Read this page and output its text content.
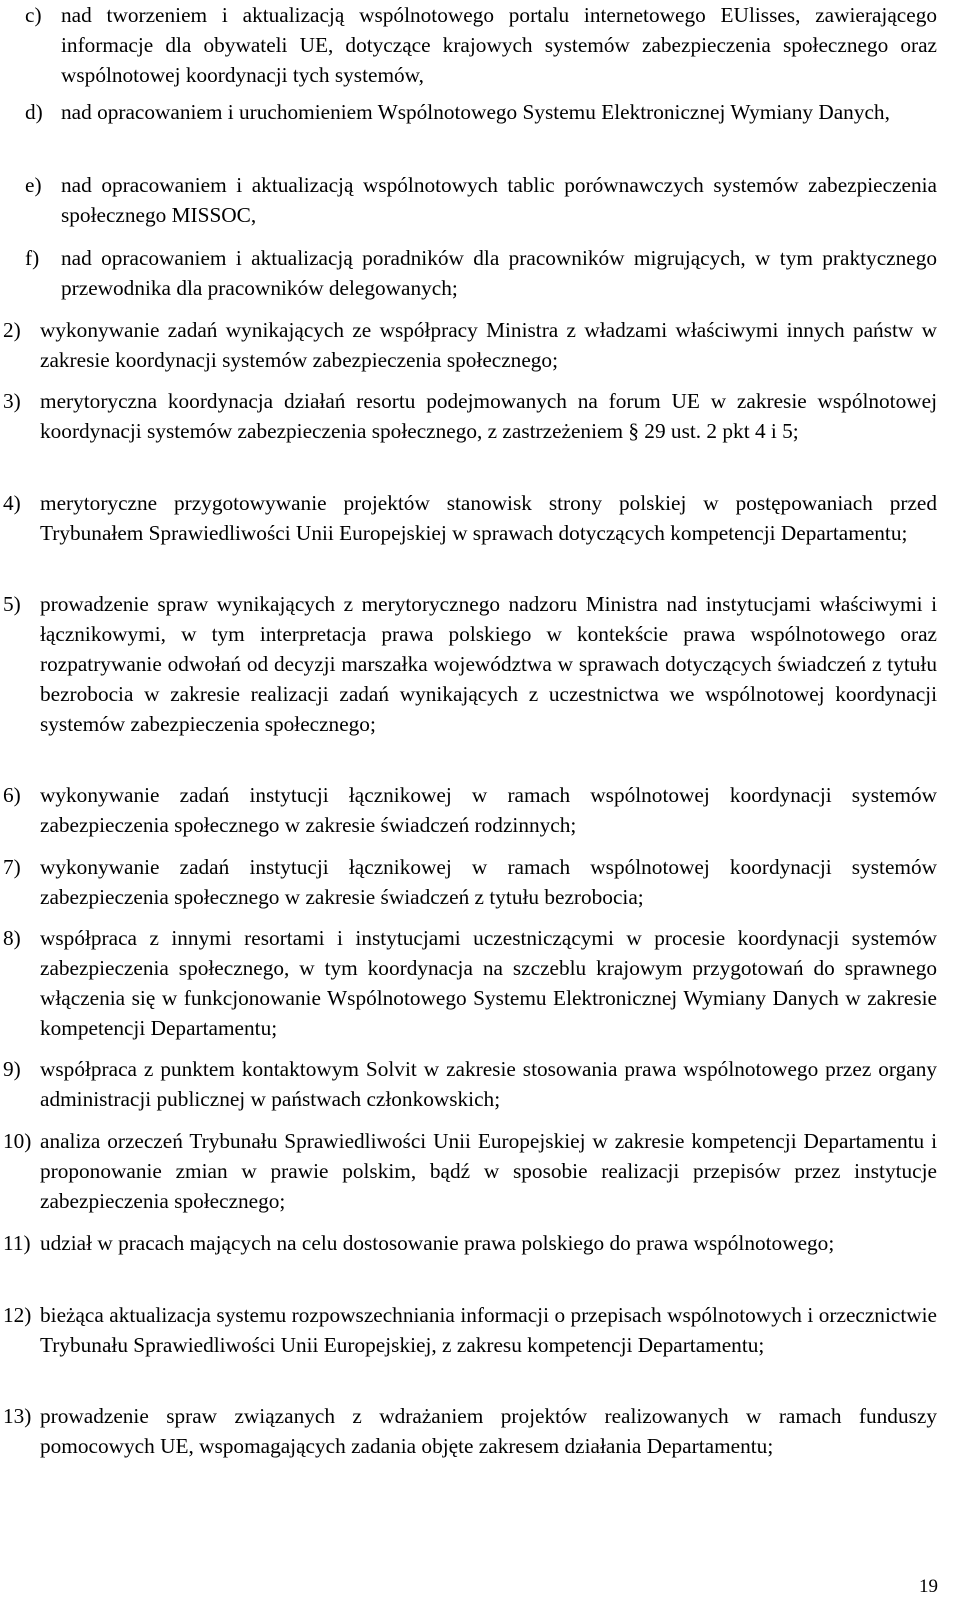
c) nad tworzeniem i aktualizacją wspólnotowego portalu internetowego EUlisses, zawierającego informacje dla obywateli UE, dotyczące krajowych systemów zabezpieczenia społecznego oraz wspólnotowej koordynacji tych systemów,
d) nad opracowaniem i uruchomieniem Wspólnotowego Systemu Elektronicznej Wymiany Danych,
e) nad opracowaniem i aktualizacją wspólnotowych tablic porównawczych systemów zabezpieczenia społecznego MISSOC,
f) nad opracowaniem i aktualizacją poradników dla pracowników migrujących, w tym praktycznego przewodnika dla pracowników delegowanych;
2) wykonywanie zadań wynikających ze współpracy Ministra z władzami właściwymi innych państw w zakresie koordynacji systemów zabezpieczenia społecznego;
3) merytoryczna koordynacja działań resortu podejmowanych na forum UE w zakresie wspólnotowej koordynacji systemów zabezpieczenia społecznego, z zastrzeżeniem § 29 ust. 2 pkt 4 i 5;
4) merytoryczne przygotowywanie projektów stanowisk strony polskiej w postępowaniach przed Trybunałem Sprawiedliwości Unii Europejskiej w sprawach dotyczących kompetencji Departamentu;
5) prowadzenie spraw wynikających z merytorycznego nadzoru Ministra nad instytucjami właściwymi i łącznikowymi, w tym interpretacja prawa polskiego w kontekście prawa wspólnotowego oraz rozpatrywanie odwołań od decyzji marszałka województwa w sprawach dotyczących świadczeń z tytułu bezrobocia w zakresie realizacji zadań wynikających z uczestnictwa we wspólnotowej koordynacji systemów zabezpieczenia społecznego;
6) wykonywanie zadań instytucji łącznikowej w ramach wspólnotowej koordynacji systemów zabezpieczenia społecznego w zakresie świadczeń rodzinnych;
7) wykonywanie zadań instytucji łącznikowej w ramach wspólnotowej koordynacji systemów zabezpieczenia społecznego w zakresie świadczeń z tytułu bezrobocia;
8) współpraca z innymi resortami i instytucjami uczestniczącymi w procesie koordynacji systemów zabezpieczenia społecznego, w tym koordynacja na szczeblu krajowym przygotowań do sprawnego włączenia się w funkcjonowanie Wspólnotowego Systemu Elektronicznej Wymiany Danych w zakresie kompetencji Departamentu;
9) współpraca z punktem kontaktowym Solvit w zakresie stosowania prawa wspólnotowego przez organy administracji publicznej w państwach członkowskich;
10) analiza orzeczeń Trybunału Sprawiedliwości Unii Europejskiej w zakresie kompetencji Departamentu i proponowanie zmian w prawie polskim, bądź w sposobie realizacji przepisów przez instytucje zabezpieczenia społecznego;
11) udział w pracach mających na celu dostosowanie prawa polskiego do prawa wspólnotowego;
12) bieżąca aktualizacja systemu rozpowszechniania informacji o przepisach wspólnotowych i orzecznictwie Trybunału Sprawiedliwości Unii Europejskiej, z zakresu kompetencji Departamentu;
13) prowadzenie spraw związanych z wdrażaniem projektów realizowanych w ramach funduszy pomocowych UE, wspomagających zadania objęte zakresem działania Departamentu;
19
